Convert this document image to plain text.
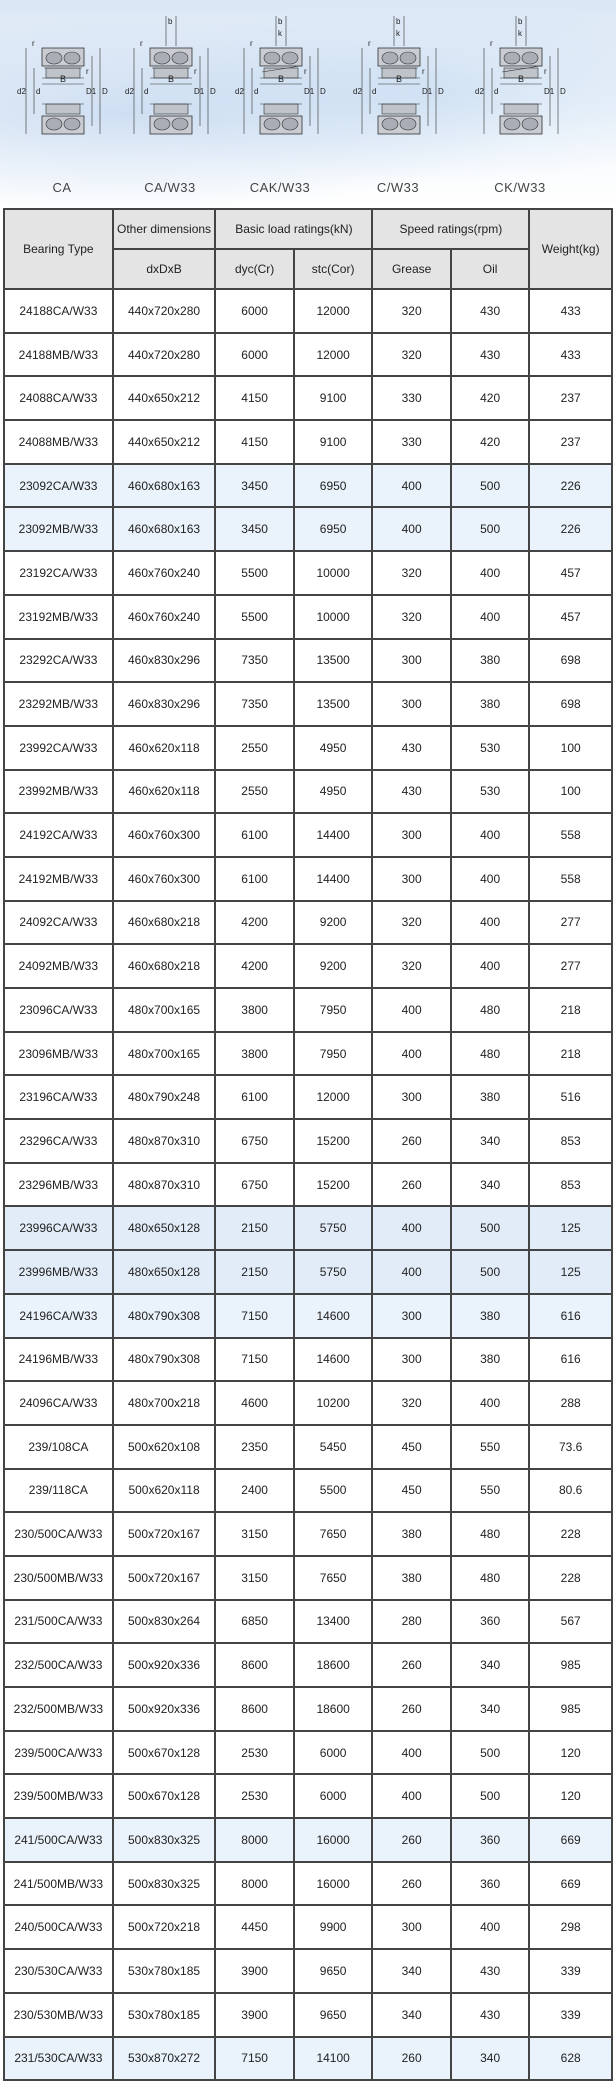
B
d2 d	D1 D
r
r
CA
B
d2 d	D1 D
r
r
b
CA/W33
B
d2 d	D1 D
r
r
b
k
CAK/W33
B
d2 d	D1 D
r
r
b
k
C/W33
B
d2 d	D1 D
r
r
b
k
CK/W33
Bearing Type	Other dimensions	Basic load ratings(kN)		Speed ratings(rpm)		Weight(kg)
	dxDxB	dyc(Cr)	stc(Cor)	Grease	Oil	
24188CA/W33	440x720x280	6000	12000	320	430	433
24188MB/W33	440x720x280	6000	12000	320	430	433
24088CA/W33	440x650x212	4150	9100	330	420	237
24088MB/W33	440x650x212	4150	9100	330	420	237
23092CA/W33	460x680x163	3450	6950	400	500	226
23092MB/W33	460x680x163	3450	6950	400	500	226
23192CA/W33	460x760x240	5500	10000	320	400	457
23192MB/W33	460x760x240	5500	10000	320	400	457
23292CA/W33	460x830x296	7350	13500	300	380	698
23292MB/W33	460x830x296	7350	13500	300	380	698
23992CA/W33	460x620x118	2550	4950	430	530	100
23992MB/W33	460x620x118	2550	4950	430	530	100
24192CA/W33	460x760x300	6100	14400	300	400	558
24192MB/W33	460x760x300	6100	14400	300	400	558
24092CA/W33	460x680x218	4200	9200	320	400	277
24092MB/W33	460x680x218	4200	9200	320	400	277
23096CA/W33	480x700x165	3800	7950	400	480	218
23096MB/W33	480x700x165	3800	7950	400	480	218
23196CA/W33	480x790x248	6100	12000	300	380	516
23296CA/W33	480x870x310	6750	15200	260	340	853
23296MB/W33	480x870x310	6750	15200	260	340	853
23996CA/W33	480x650x128	2150	5750	400	500	125
23996MB/W33	480x650x128	2150	5750	400	500	125
24196CA/W33	480x790x308	7150	14600	300	380	616
24196MB/W33	480x790x308	7150	14600	300	380	616
24096CA/W33	480x700x218	4600	10200	320	400	288
239/108CA	500x620x108	2350	5450	450	550	73.6
239/118CA	500x620x118	2400	5500	450	550	80.6
230/500CA/W33	500x720x167	3150	7650	380	480	228
230/500MB/W33	500x720x167	3150	7650	380	480	228
231/500CA/W33	500x830x264	6850	13400	280	360	567
232/500CA/W33	500x920x336	8600	18600	260	340	985
232/500MB/W33	500x920x336	8600	18600	260	340	985
239/500CA/W33	500x670x128	2530	6000	400	500	120
239/500MB/W33	500x670x128	2530	6000	400	500	120
241/500CA/W33	500x830x325	8000	16000	260	360	669
241/500MB/W33	500x830x325	8000	16000	260	360	669
240/500CA/W33	500x720x218	4450	9900	300	400	298
230/530CA/W33	530x780x185	3900	9650	340	430	339
230/530MB/W33	530x780x185	3900	9650	340	430	339
231/530CA/W33	530x870x272	7150	14100	260	340	628
